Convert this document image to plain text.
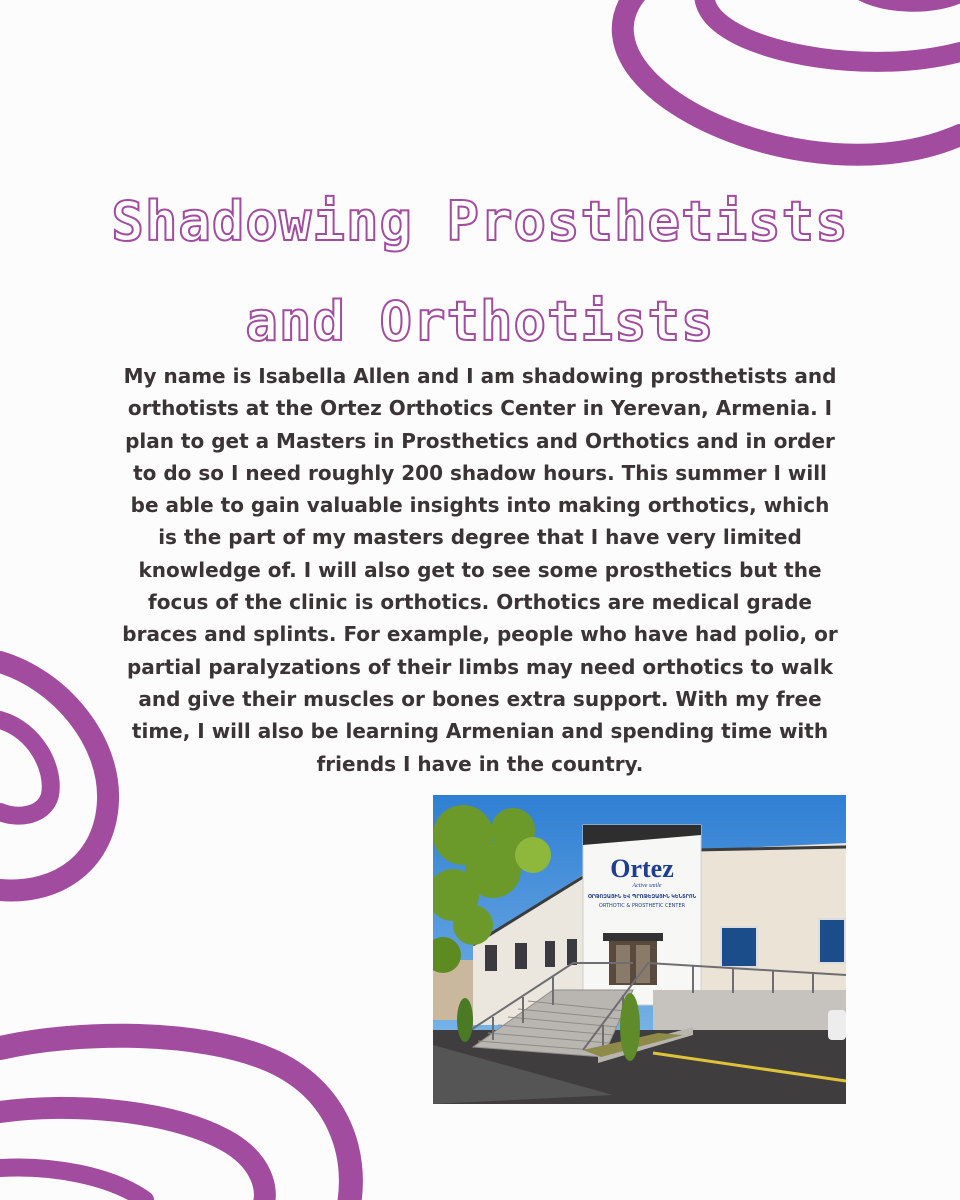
Shadowing Prosthetists
and Orthotists

My name is Isabella Allen and I am shadowing prosthetists and orthotists at the Ortez Orthotics Center in Yerevan, Armenia. I plan to get a Masters in Prosthetics and Orthotics and in order to do so I need roughly 200 shadow hours. This summer I will be able to gain valuable insights into making orthotics, which is the part of my masters degree that I have very limited knowledge of. I will also get to see some prosthetics but the focus of the clinic is orthotics. Orthotics are medical grade braces and splints. For example, people who have had polio, or partial paralyzations of their limbs may need orthotics to walk and give their muscles or bones extra support. With my free time, I will also be learning Armenian and spending time with friends I have in the country.

Ortez
Active smile
ՕՐԹՈԶԱՅԻՆ ԵՎ ՊՐՈԹԵԶԱՅԻՆ ԿԵՆՏՐՈՆ
ORTHOTIC & PROSTHETIC CENTER
